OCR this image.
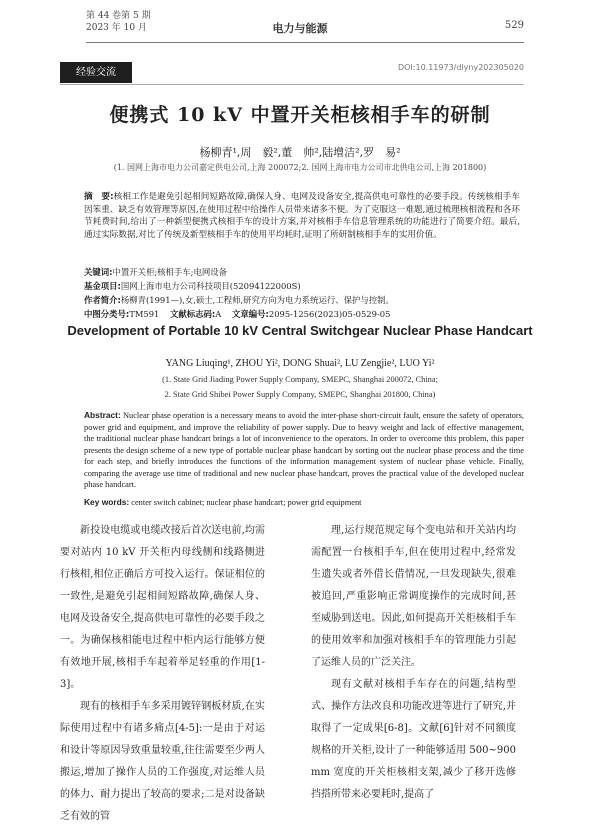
第 44 卷第 5 期
2023 年 10 月	电力与能源	529
经验交流	DOI:10.11973/dlyny202305020
便携式 10 kV 中置开关柜核相手车的研制
杨柳青¹,周　毅²,董　帅²,陆增洁²,罗　易²
(1. 国网上海市电力公司嘉定供电公司,上海 200072;2. 国网上海市电力公司市北供电公司,上海 201800)
摘　要:核相工作是避免引起相间短路故障,确保人身、电网及设备安全,提高供电可靠性的必要手段。传统核相手车因笨重、缺乏有效管理等原因,在使用过程中给操作人员带来诸多不便。为了克服这一难题,通过梳理核相流程和各环节耗费时间,给出了一种新型便携式核相手车的设计方案,并对核相手车信息管理系统的功能进行了简要介绍。最后,通过实际数据,对比了传统及新型核相手车的使用平均耗时,证明了所研制核相手车的实用价值。
关键词:中置开关柜;核相手车;电网设备
基金项目:国网上海市电力公司科技项目(52094122000S)
作者简介:杨柳青(1991—),女,硕士,工程师,研究方向为电力系统运行、保护与控制。
中图分类号:TM591 文献标志码:A 文章编号:2095-1256(2023)05-0529-05
Development of Portable 10 kV Central Switchgear Nuclear Phase Handcart
YANG Liuqing¹, ZHOU Yi², DONG Shuai², LU Zengjie², LUO Yi²
(1. State Grid Jiading Power Supply Company, SMEPC, Shanghai 200072, China;
2. State Grid Shibei Power Supply Company, SMEPC, Shanghai 201800, China)
Abstract: Nuclear phase operation is a necessary means to avoid the inter-phase short-circuit fault, ensure the safety of operators, power grid and equipment, and improve the reliability of power supply. Due to heavy weight and lack of effective management, the traditional nuclear phase handcart brings a lot of inconvenience to the operators. In order to overcome this problem, this paper presents the design scheme of a new type of portable nuclear phase handcart by sorting out the nuclear phase process and the time for each step, and briefly introduces the functions of the information management system of nuclear phase vehicle. Finally, comparing the average use time of traditional and new nuclear phase handcart, proves the practical value of the developed nuclear phase handcart.
Key words: center switch cabinet; nuclear phase handcart; power grid equipment

新投设电缆或电缆改接后首次送电前,均需要对站内 10 kV 开关柜内母线侧和线路侧进行核相,相位正确后方可投入运行。保证相位的一致性,是避免引起相间短路故障,确保人身、电网及设备安全,提高供电可靠性的必要手段之一。为确保核相能电过程中柜内运行能够方便有效地开展,核相手车起着举足轻重的作用[1-3]。

现有的核相手车多采用镀锌钢板材质,在实际使用过程中有诸多痛点[4-5]:一是由于对运和设计等原因导致重量较重,往往需要至少两人搬运,增加了操作人员的工作强度,对运维人员的体力、耐力提出了较高的要求;二是对设备缺乏有效的管

理,运行规范规定每个变电站和开关站内均需配置一台核相手车,但在使用过程中,经常发生遗失或者外借长借情况,一旦发现缺失,很难被追回,严重影响正常调度操作的完成时间,甚至威胁到送电。因此,如何提高开关柜核相手车的使用效率和加强对核相手车的管理能力引起了运维人员的广泛关注。

现有文献对核相手车存在的问题,结构型式、操作方法改良和功能改进等进行了研究,并取得了一定成果[6-8]。文献[6]针对不同额度规格的开关柜,设计了一种能够适用 500~900 mm 宽度的开关柜核相支架,减少了移开选修挡搭所带来必要耗时,提高了
